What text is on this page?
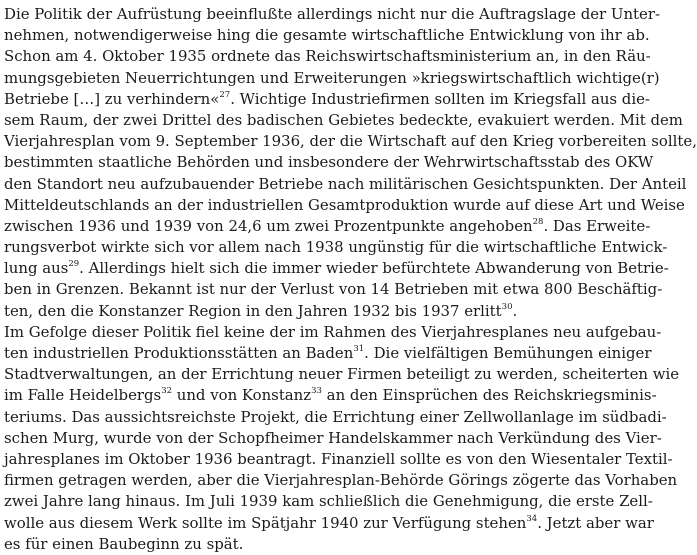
Die Politik der Aufrüstung beeinflußte allerdings nicht nur die Auftragslage der Unter-
nehmen, notwendigerweise hing die gesamte wirtschaftliche Entwicklung von ihr ab.
Schon am 4. Oktober 1935 ordnete das Reichswirtschaftsministerium an, in den Räu-
mungsgebieten Neuerrichtungen und Erweiterungen »kriegswirtschaftlich wichtige(r)
Betriebe […] zu verhindern«$^{27}$. Wichtige Industriefirmen sollten im Kriegsfall aus die-
sem Raum, der zwei Drittel des badischen Gebietes bedeckte, evakuiert werden. Mit dem
Vierjahresplan vom 9. September 1936, der die Wirtschaft auf den Krieg vorbereiten sollte,
bestimmten staatliche Behörden und insbesondere der Wehrwirtschaftsstab des OKW
den Standort neu aufzubauender Betriebe nach militärischen Gesichtspunkten. Der Anteil
Mitteldeutschlands an der industriellen Gesamtproduktion wurde auf diese Art und Weise
zwischen 1936 und 1939 von 24,6 um zwei Prozentpunkte angehoben$^{28}$. Das Erweite-
rungsverbot wirkte sich vor allem nach 1938 ungünstig für die wirtschaftliche Entwick-
lung aus$^{29}$. Allerdings hielt sich die immer wieder befürchtete Abwanderung von Betrie-
ben in Grenzen. Bekannt ist nur der Verlust von 14 Betrieben mit etwa 800 Beschäftig-
ten, den die Konstanzer Region in den Jahren 1932 bis 1937 erlitt$^{30}$.
Im Gefolge dieser Politik fiel keine der im Rahmen des Vierjahresplanes neu aufgebau-
ten industriellen Produktionsstätten an Baden$^{31}$. Die vielfältigen Bemühungen einiger
Stadtverwaltungen, an der Errichtung neuer Firmen beteiligt zu werden, scheiterten wie
im Falle Heidelbergs$^{32}$ und von Konstanz$^{33}$ an den Einsprüchen des Reichskriegsminis-
teriums. Das aussichtsreichste Projekt, die Errichtung einer Zellwollanlage im südbadi-
schen Murg, wurde von der Schopfheimer Handelskammer nach Verkündung des Vier-
jahresplanes im Oktober 1936 beantragt. Finanziell sollte es von den Wiesentaler Textil-
firmen getragen werden, aber die Vierjahresplan-Behörde Görings zögerte das Vorhaben
zwei Jahre lang hinaus. Im Juli 1939 kam schließlich die Genehmigung, die erste Zell-
wolle aus diesem Werk sollte im Spätjahr 1940 zur Verfügung stehen$^{34}$. Jetzt aber war
es für einen Baubeginn zu spät.
